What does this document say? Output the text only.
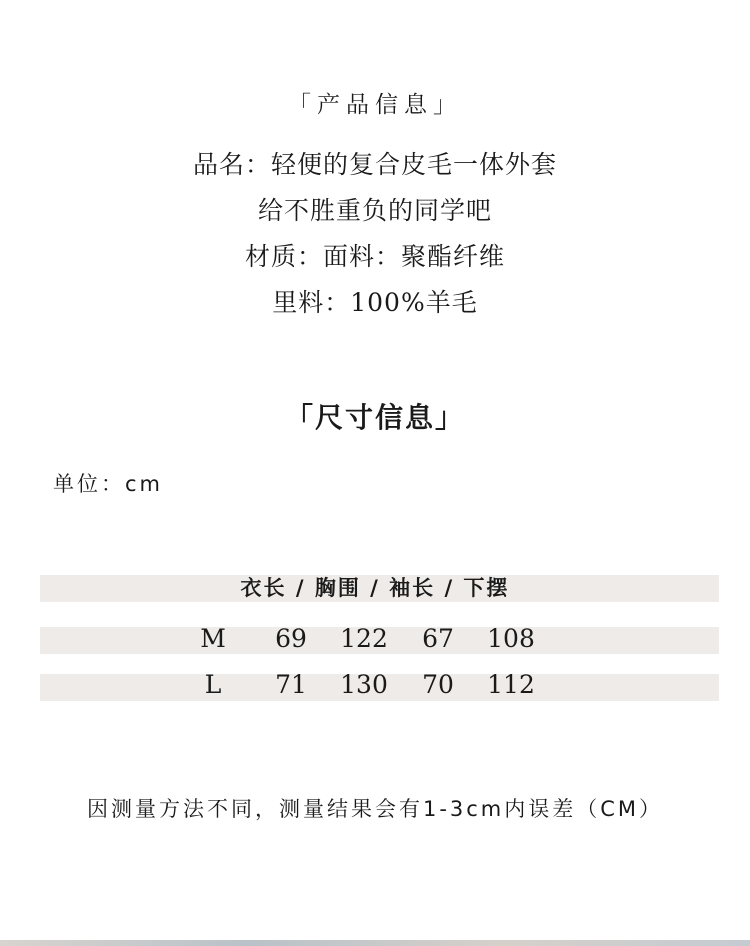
「产品信息」
品名：轻便的复合皮毛一体外套
给不胜重负的同学吧
材质：面料：聚酯纤维
里料：100%羊毛
「尺寸信息」
单位：cm
衣长 / 胸围 / 袖长 / 下摆
M	69	122	67	108
L	71	130	70	112
因测量方法不同，测量结果会有1-3cm内误差（CM）
